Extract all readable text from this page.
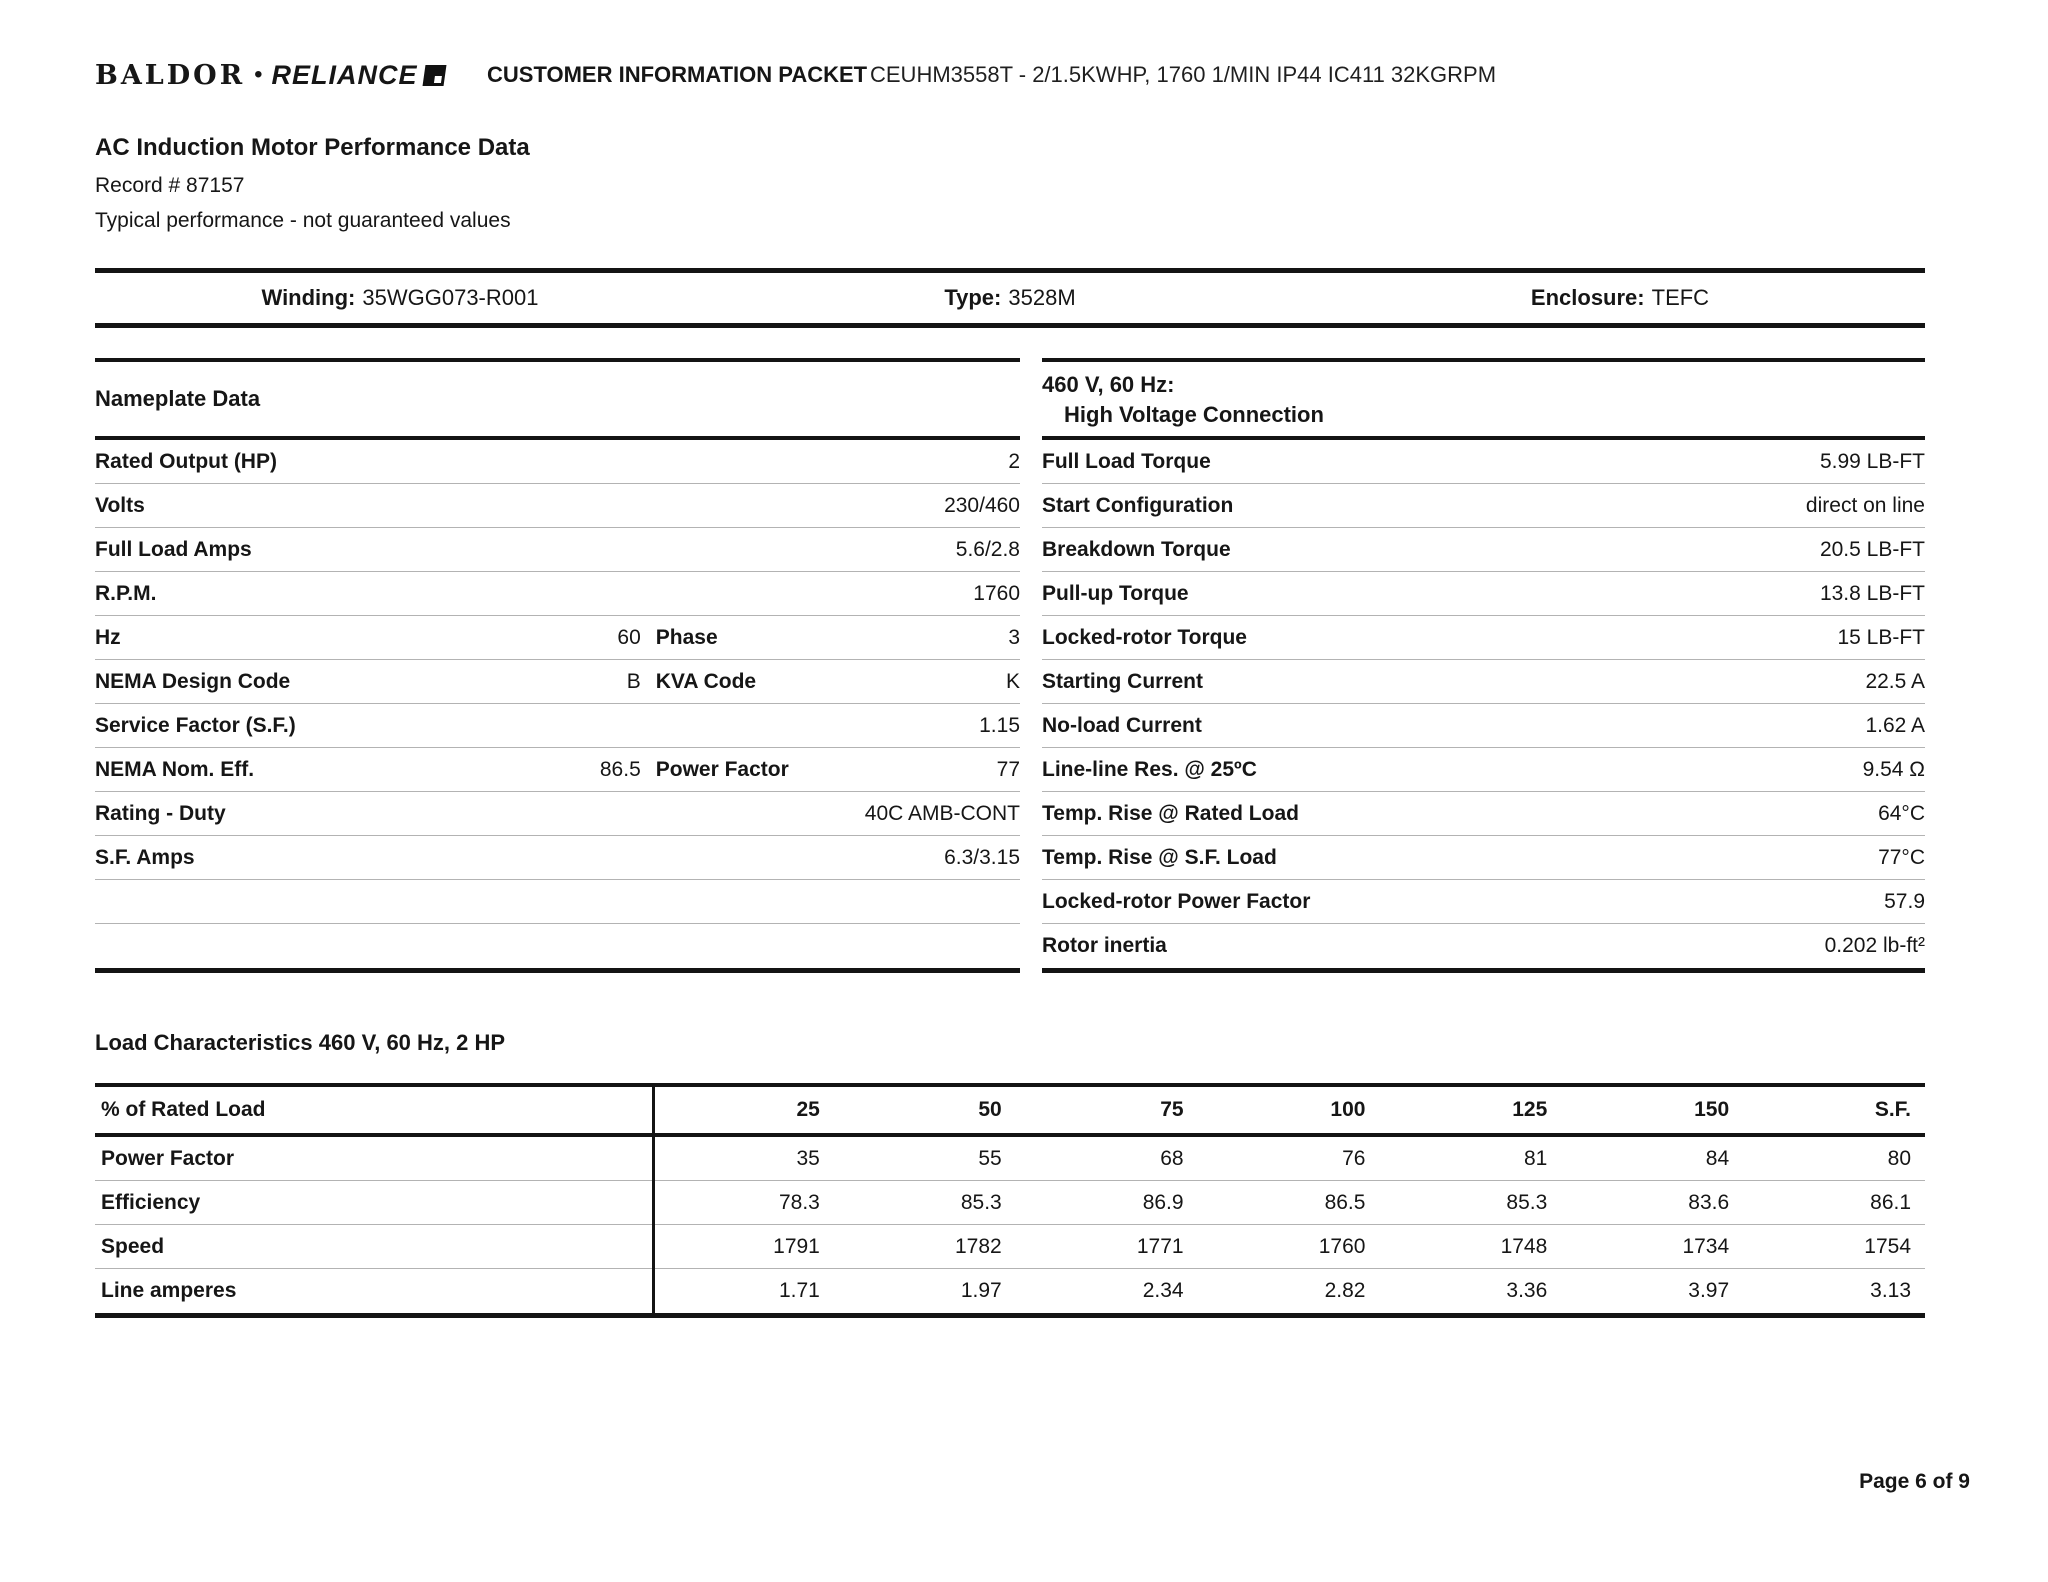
BALDOR • RELIANCE	CUSTOMER INFORMATION PACKET CEUHM3558T - 2/1.5KWHP, 1760 1/MIN IP44 IC411 32KGRPM
AC Induction Motor Performance Data
Record # 87157
Typical performance - not guaranteed values
Winding: 35WGG073-R001	Type: 3528M	Enclosure: TEFC
Nameplate Data
Rated Output (HP)	2
Volts	230/460
Full Load Amps	5.6/2.8
R.P.M.	1760
Hz	60 Phase	3
NEMA Design Code	B KVA Code	K
Service Factor (S.F.)	1.15
NEMA Nom. Eff.	86.5 Power Factor	77
Rating - Duty	40C AMB-CONT
S.F. Amps	6.3/3.15
460 V, 60 Hz:
High Voltage Connection
Full Load Torque	5.99 LB-FT
Start Configuration	direct on line
Breakdown Torque	20.5 LB-FT
Pull-up Torque	13.8 LB-FT
Locked-rotor Torque	15 LB-FT
Starting Current	22.5 A
No-load Current	1.62 A
Line-line Res. @ 25ºC	9.54 Ω
Temp. Rise @ Rated Load	64°C
Temp. Rise @ S.F. Load	77°C
Locked-rotor Power Factor	57.9
Rotor inertia	0.202 lb-ft²
Load Characteristics 460 V, 60 Hz, 2 HP
% of Rated Load	25	50	75	100	125	150	S.F.
Power Factor	35	55	68	76	81	84	80
Efficiency	78.3	85.3	86.9	86.5	85.3	83.6	86.1
Speed	1791	1782	1771	1760	1748	1734	1754
Line amperes	1.71	1.97	2.34	2.82	3.36	3.97	3.13
Page 6 of 9
